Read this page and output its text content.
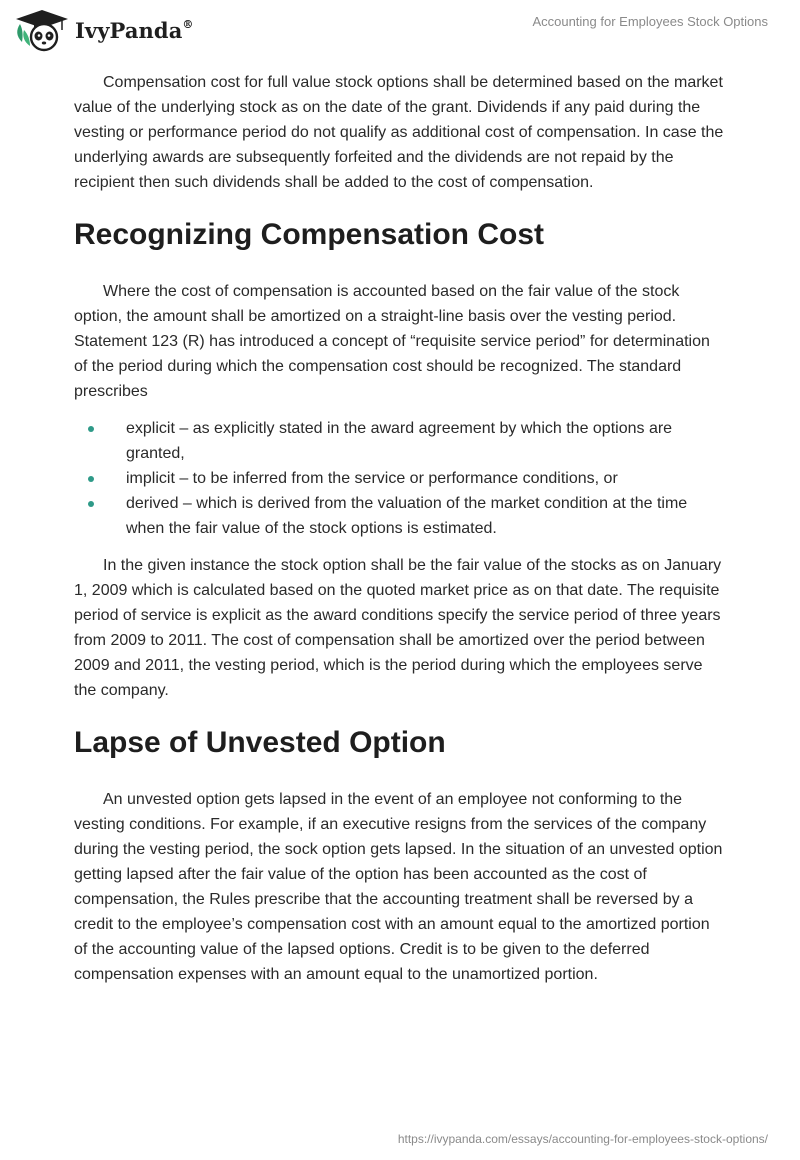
IvyPanda®	Accounting for Employees Stock Options

Compensation cost for full value stock options shall be determined based on the market value of the underlying stock as on the date of the grant. Dividends if any paid during the vesting or performance period do not qualify as additional cost of compensation. In case the underlying awards are subsequently forfeited and the dividends are not repaid by the recipient then such dividends shall be added to the cost of compensation.

Recognizing Compensation Cost

Where the cost of compensation is accounted based on the fair value of the stock option, the amount shall be amortized on a straight-line basis over the vesting period. Statement 123 (R) has introduced a concept of “requisite service period” for determination of the period during which the compensation cost should be recognized. The standard prescribes

explicit – as explicitly stated in the award agreement by which the options are granted,
implicit – to be inferred from the service or performance conditions, or
derived – which is derived from the valuation of the market condition at the time when the fair value of the stock options is estimated.

In the given instance the stock option shall be the fair value of the stocks as on January 1, 2009 which is calculated based on the quoted market price as on that date. The requisite period of service is explicit as the award conditions specify the service period of three years from 2009 to 2011. The cost of compensation shall be amortized over the period between 2009 and 2011, the vesting period, which is the period during which the employees serve the company.

Lapse of Unvested Option

An unvested option gets lapsed in the event of an employee not conforming to the vesting conditions. For example, if an executive resigns from the services of the company during the vesting period, the sock option gets lapsed. In the situation of an unvested option getting lapsed after the fair value of the option has been accounted as the cost of compensation, the Rules prescribe that the accounting treatment shall be reversed by a credit to the employee’s compensation cost with an amount equal to the amortized portion of the accounting value of the lapsed options. Credit is to be given to the deferred compensation expenses with an amount equal to the unamortized portion.

https://ivypanda.com/essays/accounting-for-employees-stock-options/
